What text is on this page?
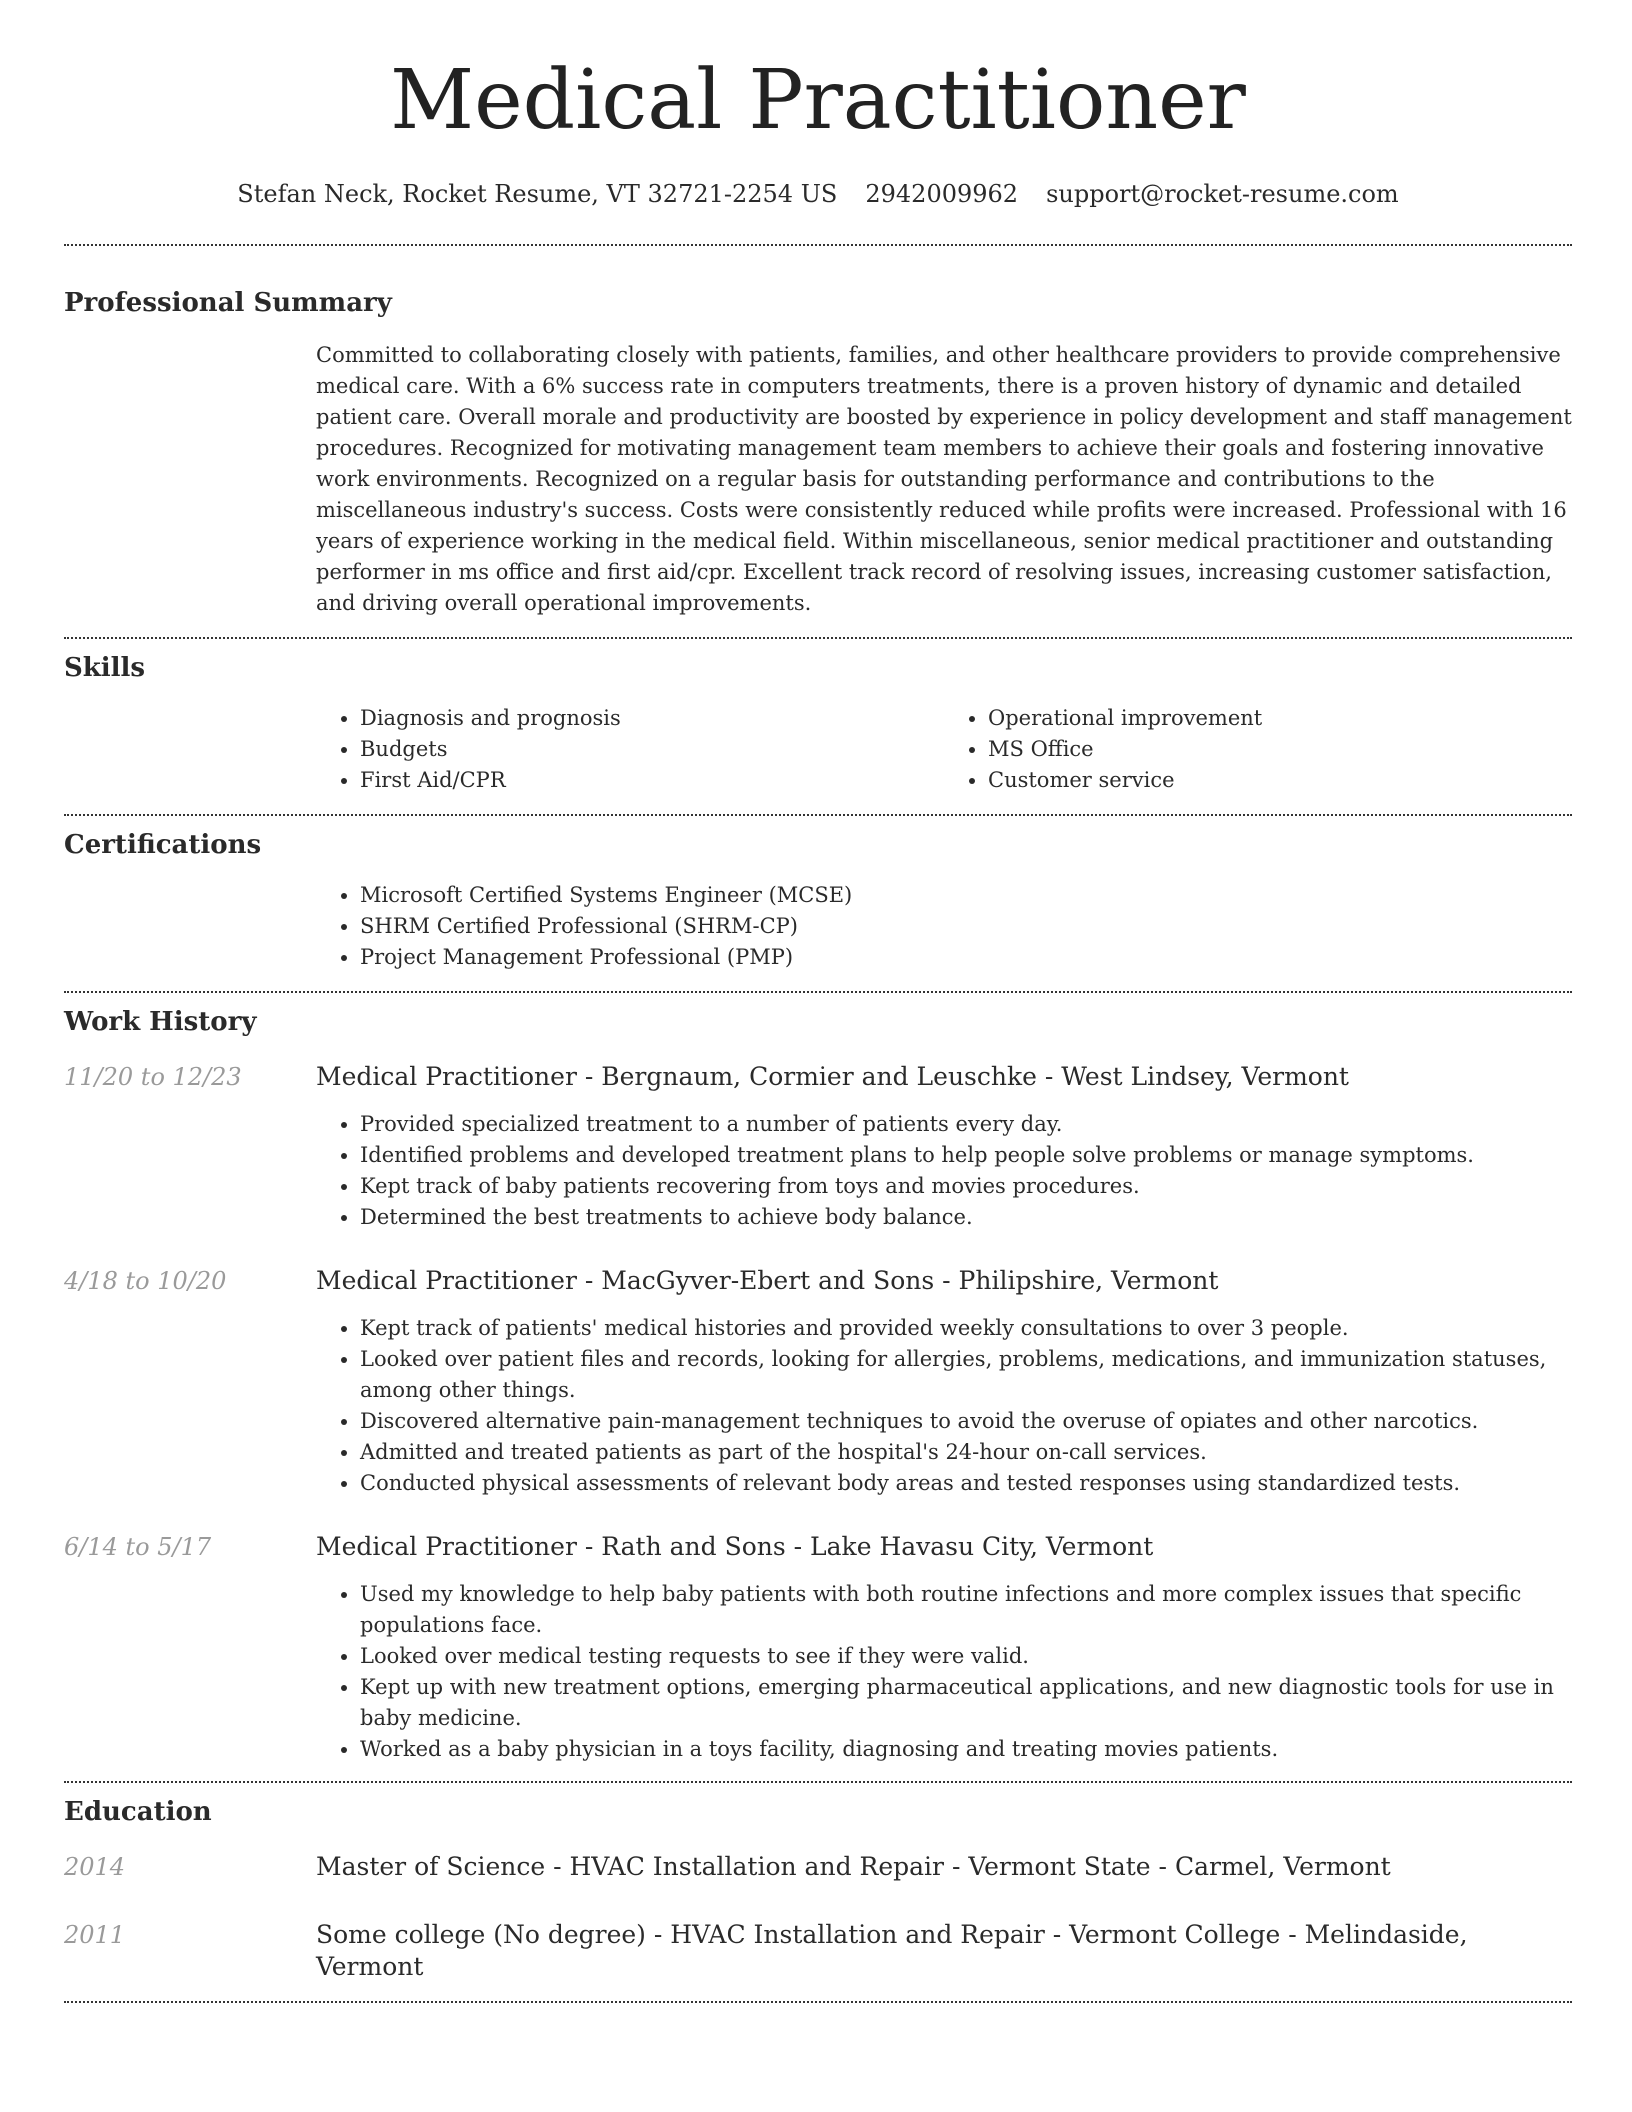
Medical Practitioner
Stefan Neck, Rocket Resume, VT 32721-2254 US 2942009962 support@rocket-resume.com
Professional Summary

Committed to collaborating closely with patients, families, and other healthcare providers to provide comprehensive medical care. With a 6% success rate in computers treatments, there is a proven history of dynamic and detailed patient care. Overall morale and productivity are boosted by experience in policy development and staff management procedures. Recognized for motivating management team members to achieve their goals and fostering innovative work environments. Recognized on a regular basis for outstanding performance and contributions to the miscellaneous industry's success. Costs were consistently reduced while profits were increased. Professional with 16 years of experience working in the medical field. Within miscellaneous, senior medical practitioner and outstanding performer in ms office and first aid/cpr. Excellent track record of resolving issues, increasing customer satisfaction, and driving overall operational improvements.

Skills
• Diagnosis and prognosis
• Budgets
• First Aid/CPR
• Operational improvement
• MS Office
• Customer service
Certifications
• Microsoft Certified Systems Engineer (MCSE)
• SHRM Certified Professional (SHRM-CP)
• Project Management Professional (PMP)
Work History
11/20 to 12/23	Medical Practitioner - Bergnaum, Cormier and Leuschke - West Lindsey, Vermont
• Provided specialized treatment to a number of patients every day.
• Identified problems and developed treatment plans to help people solve problems or manage symptoms.
• Kept track of baby patients recovering from toys and movies procedures.
• Determined the best treatments to achieve body balance.
4/18 to 10/20	Medical Practitioner - MacGyver-Ebert and Sons - Philipshire, Vermont
• Kept track of patients' medical histories and provided weekly consultations to over 3 people.
• Looked over patient files and records, looking for allergies, problems, medications, and immunization statuses, among other things.
• Discovered alternative pain-management techniques to avoid the overuse of opiates and other narcotics.
• Admitted and treated patients as part of the hospital's 24-hour on-call services.
• Conducted physical assessments of relevant body areas and tested responses using standardized tests.
6/14 to 5/17	Medical Practitioner - Rath and Sons - Lake Havasu City, Vermont
• Used my knowledge to help baby patients with both routine infections and more complex issues that specific populations face.
• Looked over medical testing requests to see if they were valid.
• Kept up with new treatment options, emerging pharmaceutical applications, and new diagnostic tools for use in baby medicine.
• Worked as a baby physician in a toys facility, diagnosing and treating movies patients.
Education
2014	Master of Science - HVAC Installation and Repair - Vermont State - Carmel, Vermont
2011	Some college (No degree) - HVAC Installation and Repair - Vermont College - Melindaside, Vermont
